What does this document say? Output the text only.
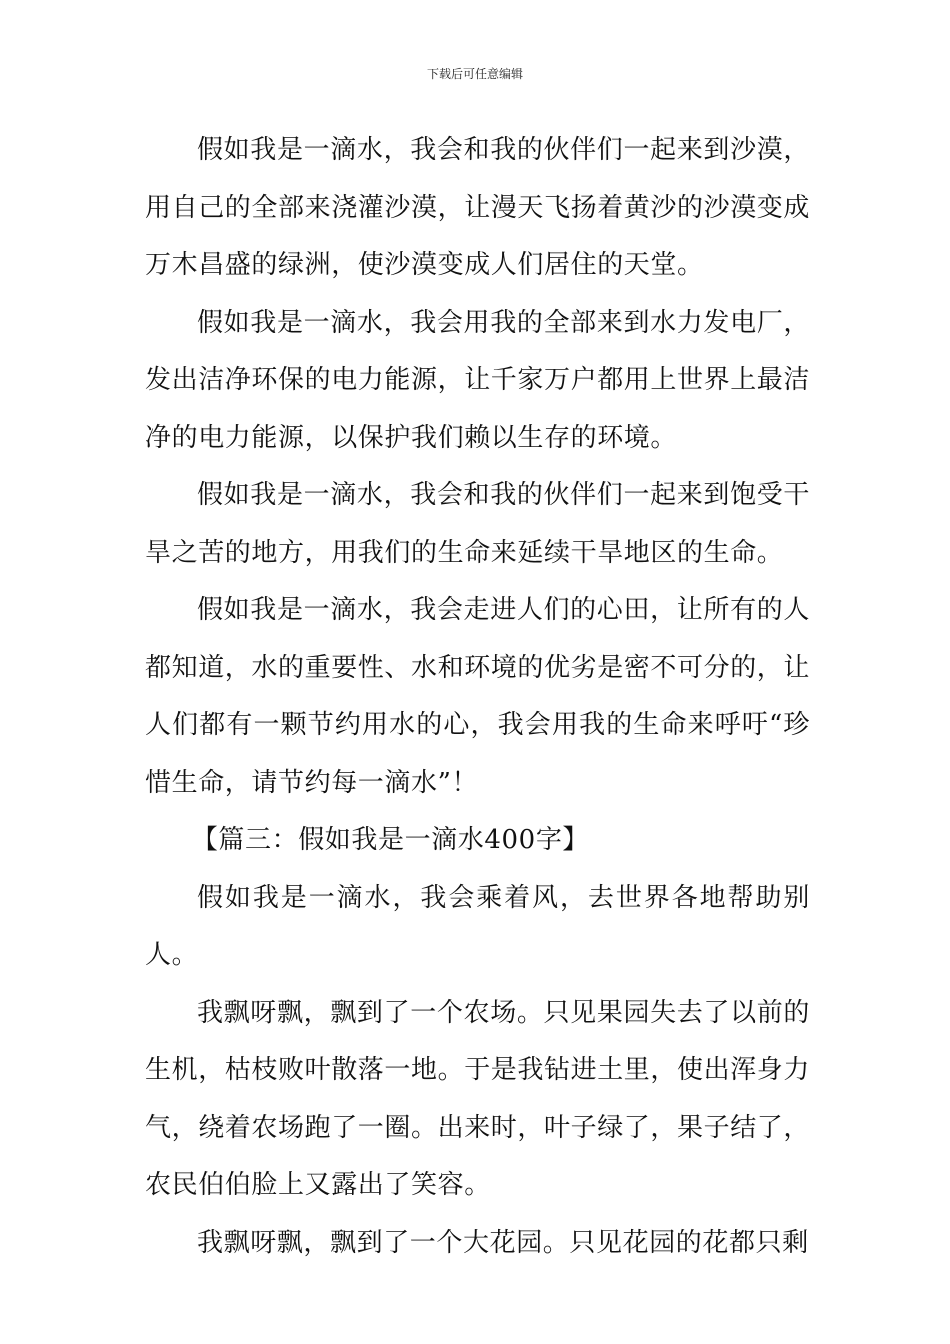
下载后可任意编辑

假如我是一滴水，我会和我的伙伴们一起来到沙漠，用自己的全部来浇灌沙漠，让漫天飞扬着黄沙的沙漠变成万木昌盛的绿洲，使沙漠变成人们居住的天堂。

假如我是一滴水，我会用我的全部来到水力发电厂，发出洁净环保的电力能源，让千家万户都用上世界上最洁净的电力能源，以保护我们赖以生存的环境。

假如我是一滴水，我会和我的伙伴们一起来到饱受干旱之苦的地方，用我们的生命来延续干旱地区的生命。

假如我是一滴水，我会走进人们的心田，让所有的人都知道，水的重要性、水和环境的优劣是密不可分的，让人们都有一颗节约用水的心，我会用我的生命来呼吁“珍惜生命，请节约每一滴水”！

【篇三：假如我是一滴水400字】

假如我是一滴水，我会乘着风，去世界各地帮助别人。

我飘呀飘，飘到了一个农场。只见果园失去了以前的生机，枯枝败叶散落一地。于是我钻进土里，使出浑身力气，绕着农场跑了一圈。出来时，叶子绿了，果子结了，农民伯伯脸上又露出了笑容。

我飘呀飘，飘到了一个大花园。只见花园的花都只剩
